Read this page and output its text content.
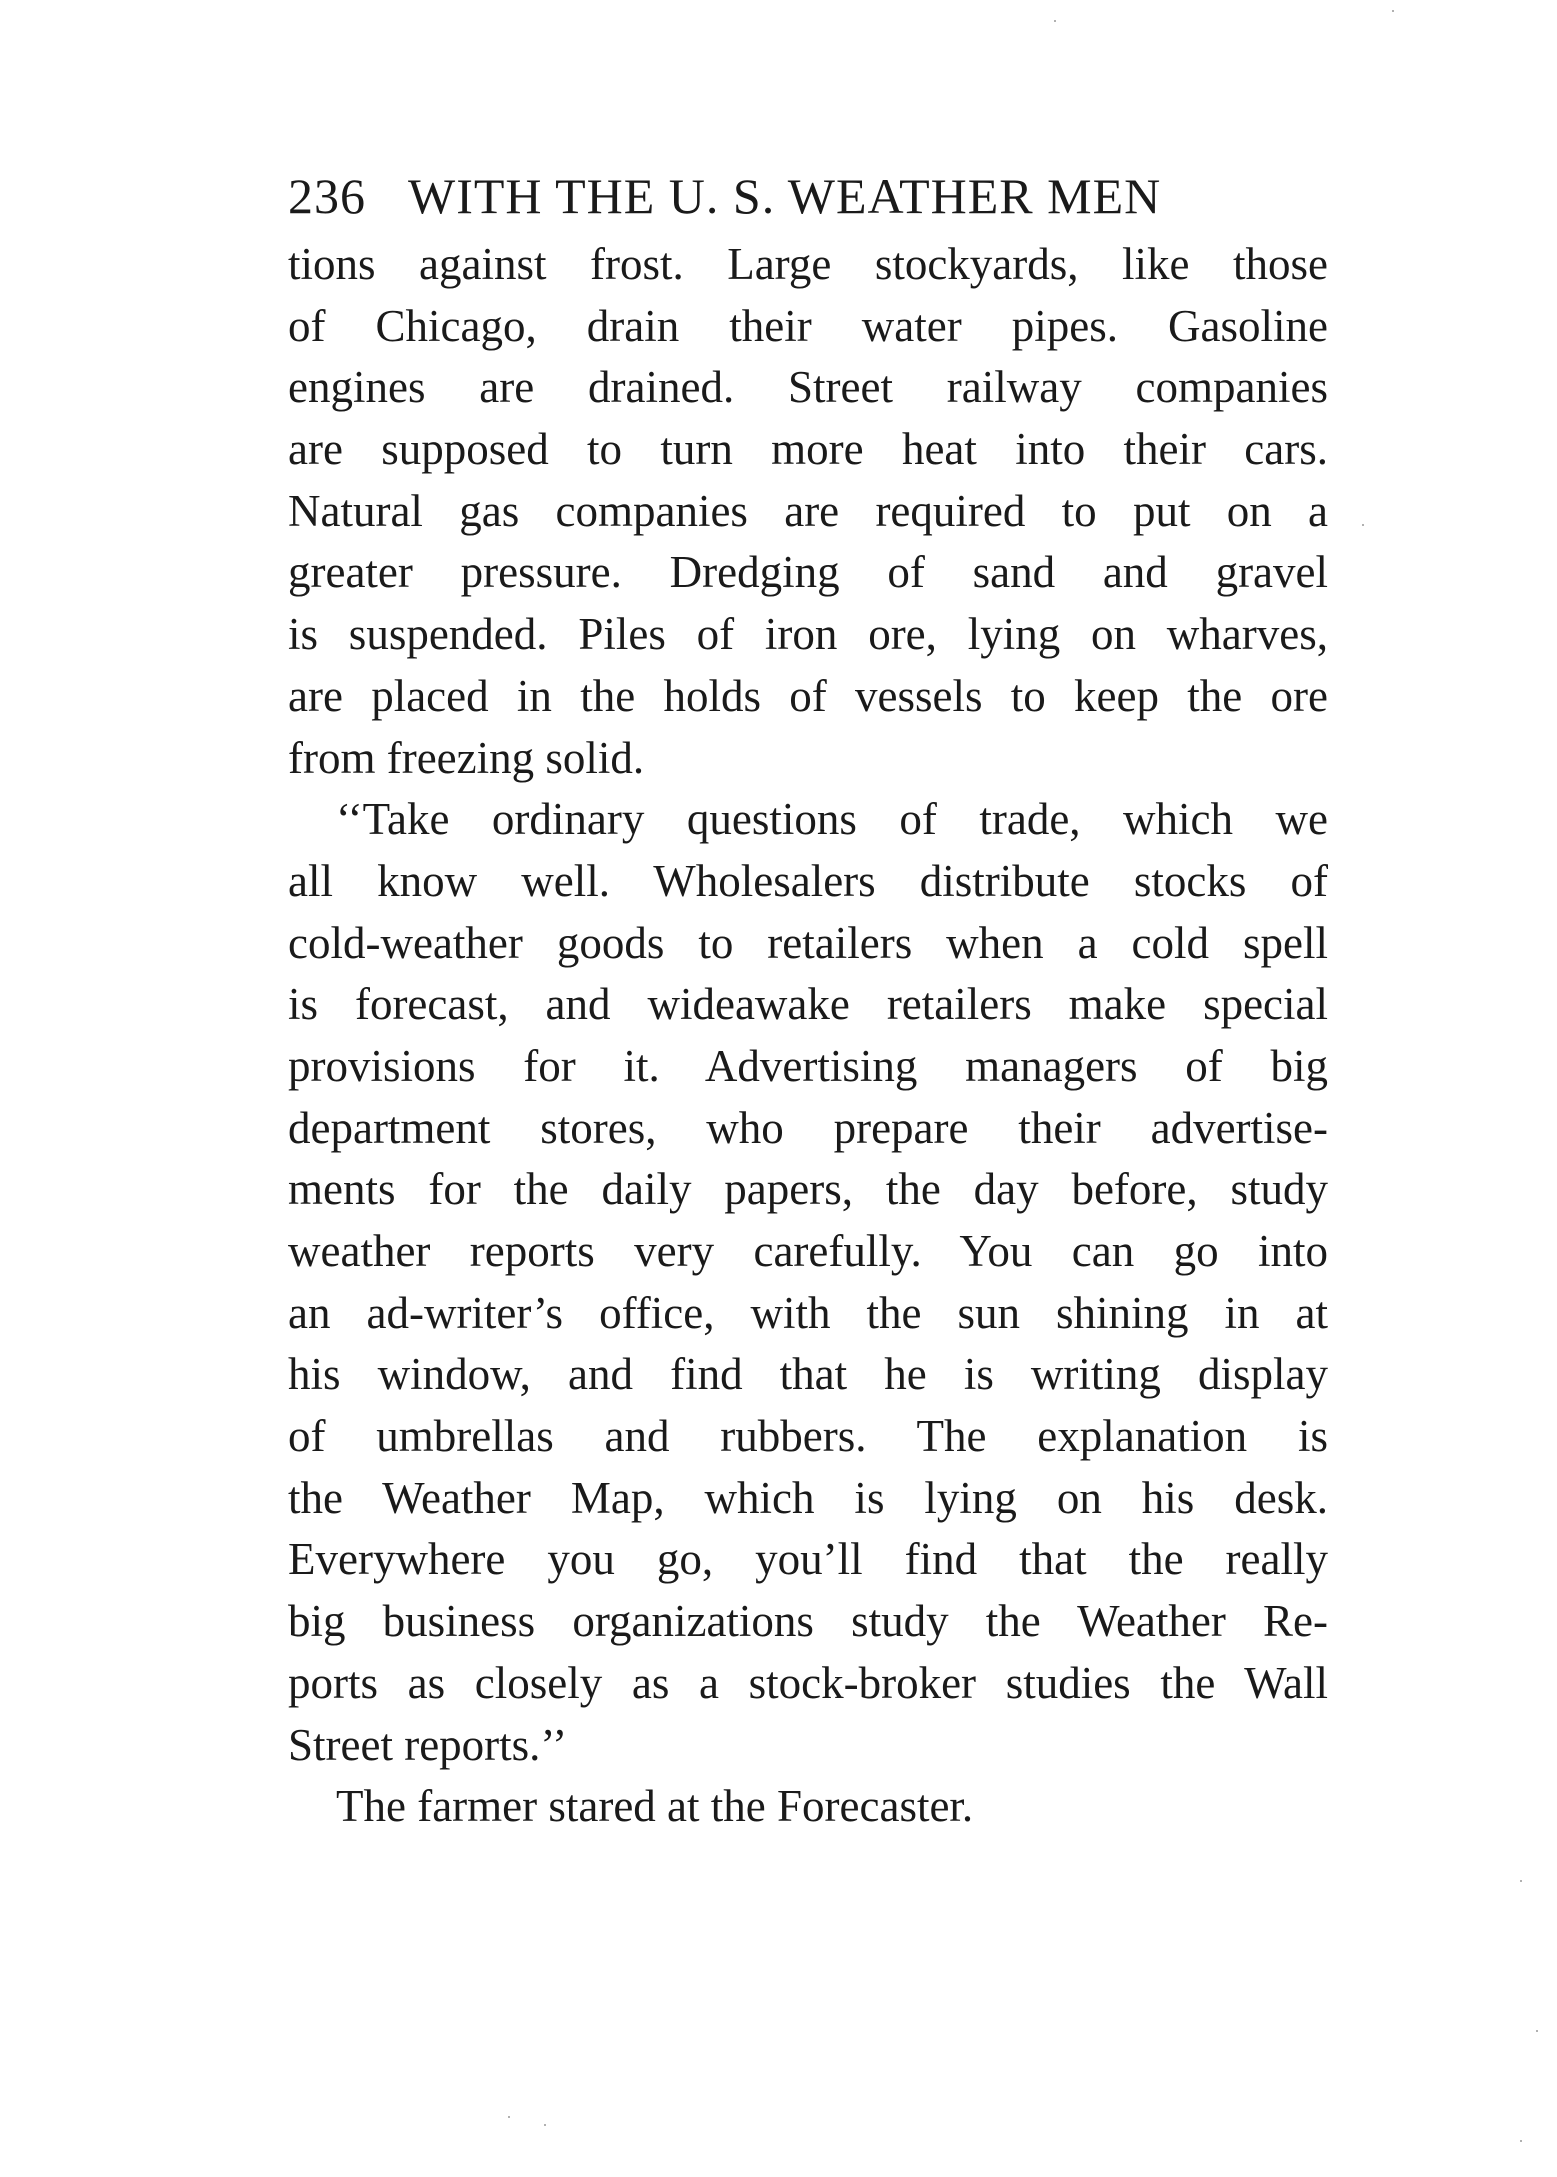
236 WITH THE U. S. WEATHER MEN
tions against frost. Large stockyards, like those
of Chicago, drain their water pipes. Gasoline
engines are drained. Street railway companies
are supposed to turn more heat into their cars.
Natural gas companies are required to put on a
greater pressure. Dredging of sand and gravel
is suspended. Piles of iron ore, lying on wharves,
are placed in the holds of vessels to keep the ore
from freezing solid.
‘‘Take ordinary questions of trade, which we
all know well. Wholesalers distribute stocks of
cold-weather goods to retailers when a cold spell
is forecast, and wideawake retailers make special
provisions for it. Advertising managers of big
department stores, who prepare their advertise-
ments for the daily papers, the day before, study
weather reports very carefully. You can go into
an ad-writer’s office, with the sun shining in at
his window, and find that he is writing display
of umbrellas and rubbers. The explanation is
the Weather Map, which is lying on his desk.
Everywhere you go, you’ll find that the really
big business organizations study the Weather Re-
ports as closely as a stock-broker studies the Wall
Street reports.’’
The farmer stared at the Forecaster.
